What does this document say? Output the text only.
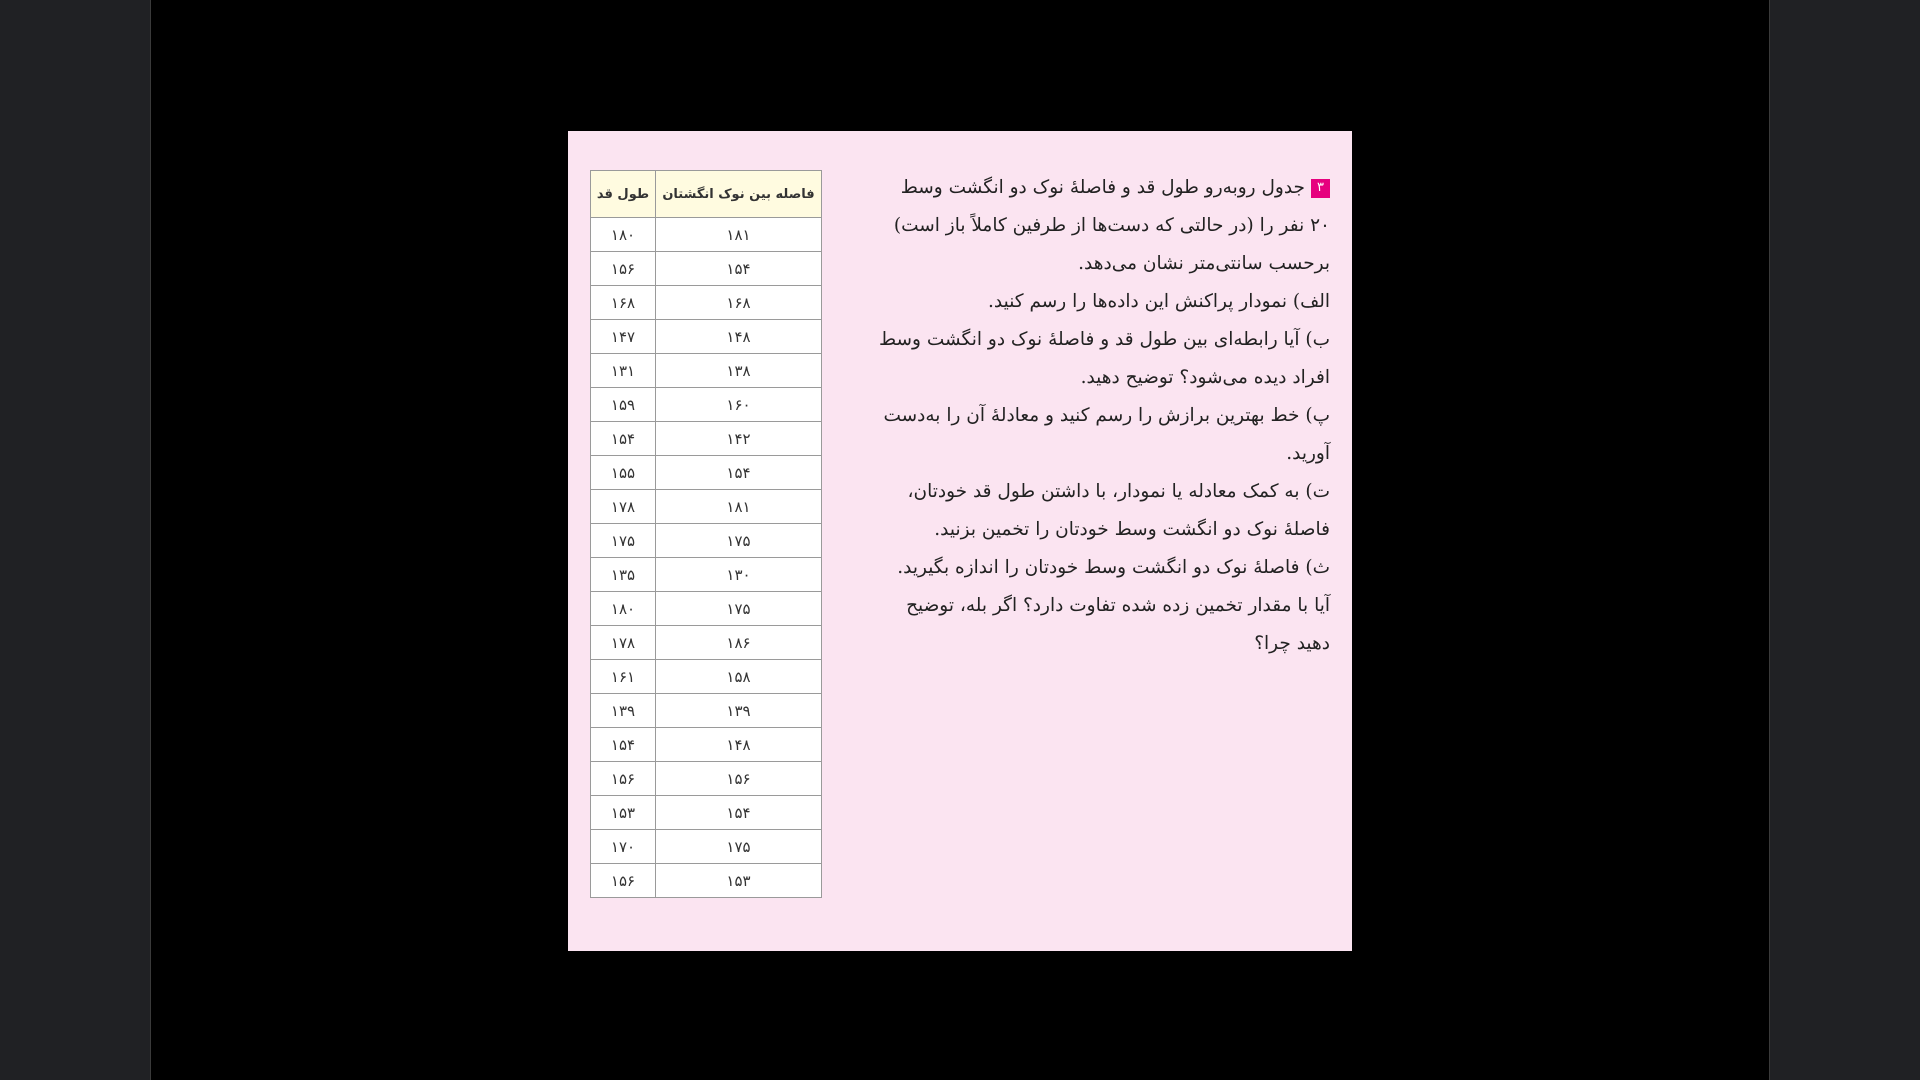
طول قد	فاصله بین نوک انگشتان
۱۸۰	۱۸۱
۱۵۶	۱۵۴
۱۶۸	۱۶۸
۱۴۷	۱۴۸
۱۳۱	۱۳۸
۱۵۹	۱۶۰
۱۵۴	۱۴۲
۱۵۵	۱۵۴
۱۷۸	۱۸۱
۱۷۵	۱۷۵
۱۳۵	۱۳۰
۱۸۰	۱۷۵
۱۷۸	۱۸۶
۱۶۱	۱۵۸
۱۳۹	۱۳۹
۱۵۴	۱۴۸
۱۵۶	۱۵۶
۱۵۳	۱۵۴
۱۷۰	۱۷۵
۱۵۶	۱۵۳
۳جدول روبه‌رو طول قد و فاصلهٔ نوک دو انگشت وسط
۲۰ نفر را (در حالتی که دست‌ها از طرفین کاملاً باز است)
برحسب سانتی‌متر نشان می‌دهد.
الف) نمودار پراکنش این داده‌ها را رسم کنید.
ب) آیا رابطه‌ای بین طول قد و فاصلهٔ نوک دو انگشت وسط
افراد دیده می‌شود؟ توضیح دهید.
پ) خط بهترین برازش را رسم کنید و معادلهٔ آن را به‌دست
آورید.
ت) به کمک معادله یا نمودار، با داشتن طول قد خودتان،
فاصلهٔ نوک دو انگشت وسط خودتان را تخمین بزنید.
ث) فاصلهٔ نوک دو انگشت وسط خودتان را اندازه بگیرید.
آیا با مقدار تخمین زده شده تفاوت دارد؟ اگر بله، توضیح
دهید چرا؟
